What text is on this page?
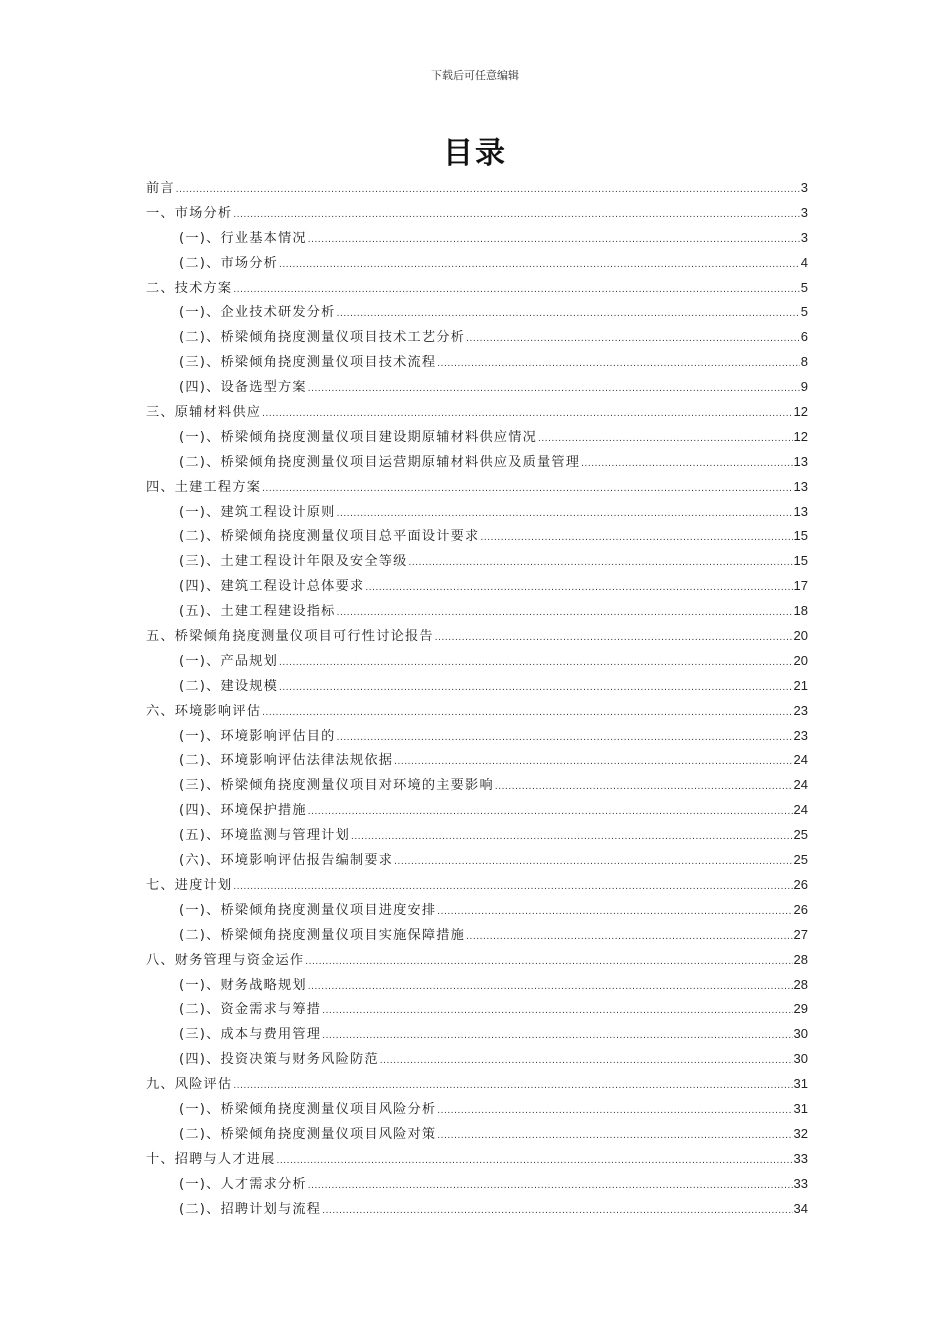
下载后可任意编辑
目录
前言 .....	3
一、市场分析 .....	3
(一)、行业基本情况 .....	3
(二)、市场分析 .....	4
二、技术方案 .....	5
(一)、企业技术研发分析 .....	5
(二)、桥梁倾角挠度测量仪项目技术工艺分析 .....	6
(三)、桥梁倾角挠度测量仪项目技术流程 .....	8
(四)、设备选型方案 .....	9
三、原辅材料供应 .....	12
(一)、桥梁倾角挠度测量仪项目建设期原辅材料供应情况 .....	12
(二)、桥梁倾角挠度测量仪项目运营期原辅材料供应及质量管理 .....	13
四、土建工程方案 .....	13
(一)、建筑工程设计原则 .....	13
(二)、桥梁倾角挠度测量仪项目总平面设计要求 .....	15
(三)、土建工程设计年限及安全等级 .....	15
(四)、建筑工程设计总体要求 .....	17
(五)、土建工程建设指标 .....	18
五、桥梁倾角挠度测量仪项目可行性讨论报告 .....	20
(一)、产品规划 .....	20
(二)、建设规模 .....	21
六、环境影响评估 .....	23
(一)、环境影响评估目的 .....	23
(二)、环境影响评估法律法规依据 .....	24
(三)、桥梁倾角挠度测量仪项目对环境的主要影响 .....	24
(四)、环境保护措施 .....	24
(五)、环境监测与管理计划 .....	25
(六)、环境影响评估报告编制要求 .....	25
七、进度计划 .....	26
(一)、桥梁倾角挠度测量仪项目进度安排 .....	26
(二)、桥梁倾角挠度测量仪项目实施保障措施 .....	27
八、财务管理与资金运作 .....	28
(一)、财务战略规划 .....	28
(二)、资金需求与筹措 .....	29
(三)、成本与费用管理 .....	30
(四)、投资决策与财务风险防范 .....	30
九、风险评估 .....	31
(一)、桥梁倾角挠度测量仪项目风险分析 .....	31
(二)、桥梁倾角挠度测量仪项目风险对策 .....	32
十、招聘与人才进展 .....	33
(一)、人才需求分析 .....	33
(二)、招聘计划与流程 .....	34
